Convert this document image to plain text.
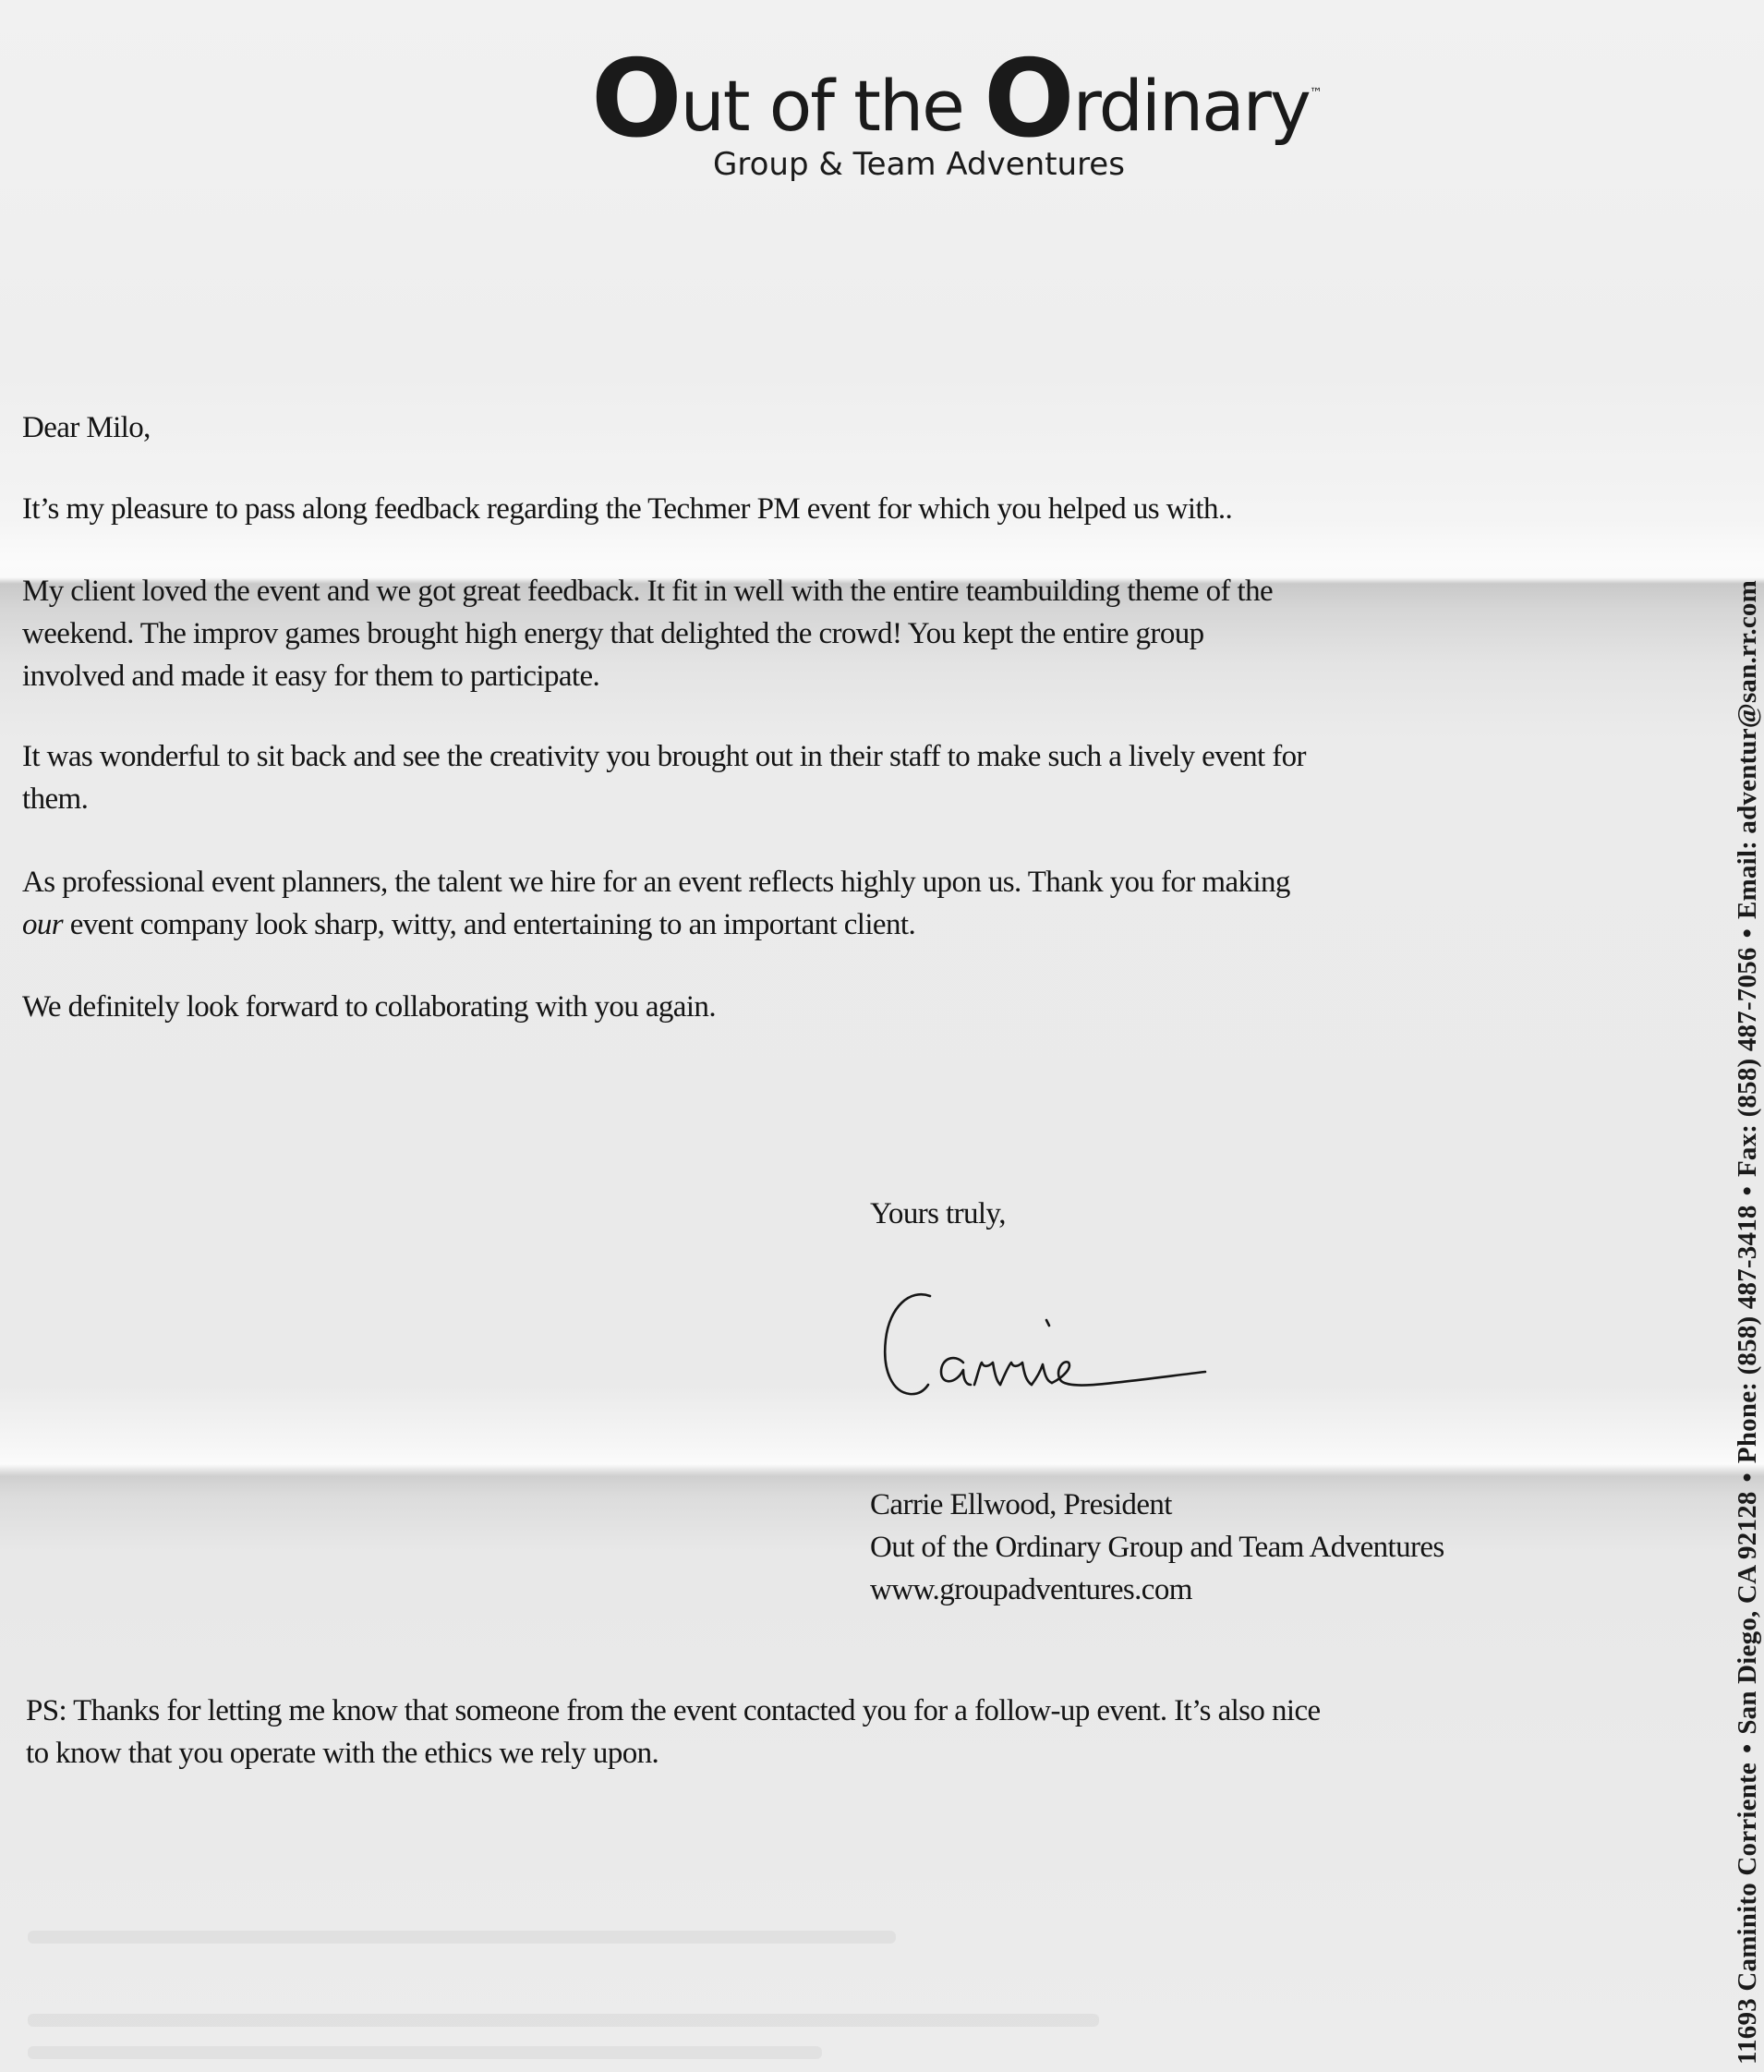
Out of the Ordinary™
Group & Team Adventures
Dear Milo,
It’s my pleasure to pass along feedback regarding the Techmer PM event for which you helped us with..
My client loved the event and we got great feedback. It fit in well with the entire teambuilding theme of the
weekend. The improv games brought high energy that delighted the crowd! You kept the entire group
involved and made it easy for them to participate.
It was wonderful to sit back and see the creativity you brought out in their staff to make such a lively event for
them.
As professional event planners, the talent we hire for an event reflects highly upon us. Thank you for making
our event company look sharp, witty, and entertaining to an important client.
We definitely look forward to collaborating with you again.
Yours truly,
Carrie Ellwood, President
Out of the Ordinary Group and Team Adventures
www.groupadventures.com
PS: Thanks for letting me know that someone from the event contacted you for a follow-up event. It’s also nice
to know that you operate with the ethics we rely upon.
11693 Caminito Corriente•San Diego, CA 92128•Phone: (858) 487-3418•Fax: (858) 487-7056•Email: adventur@san.rr.com
